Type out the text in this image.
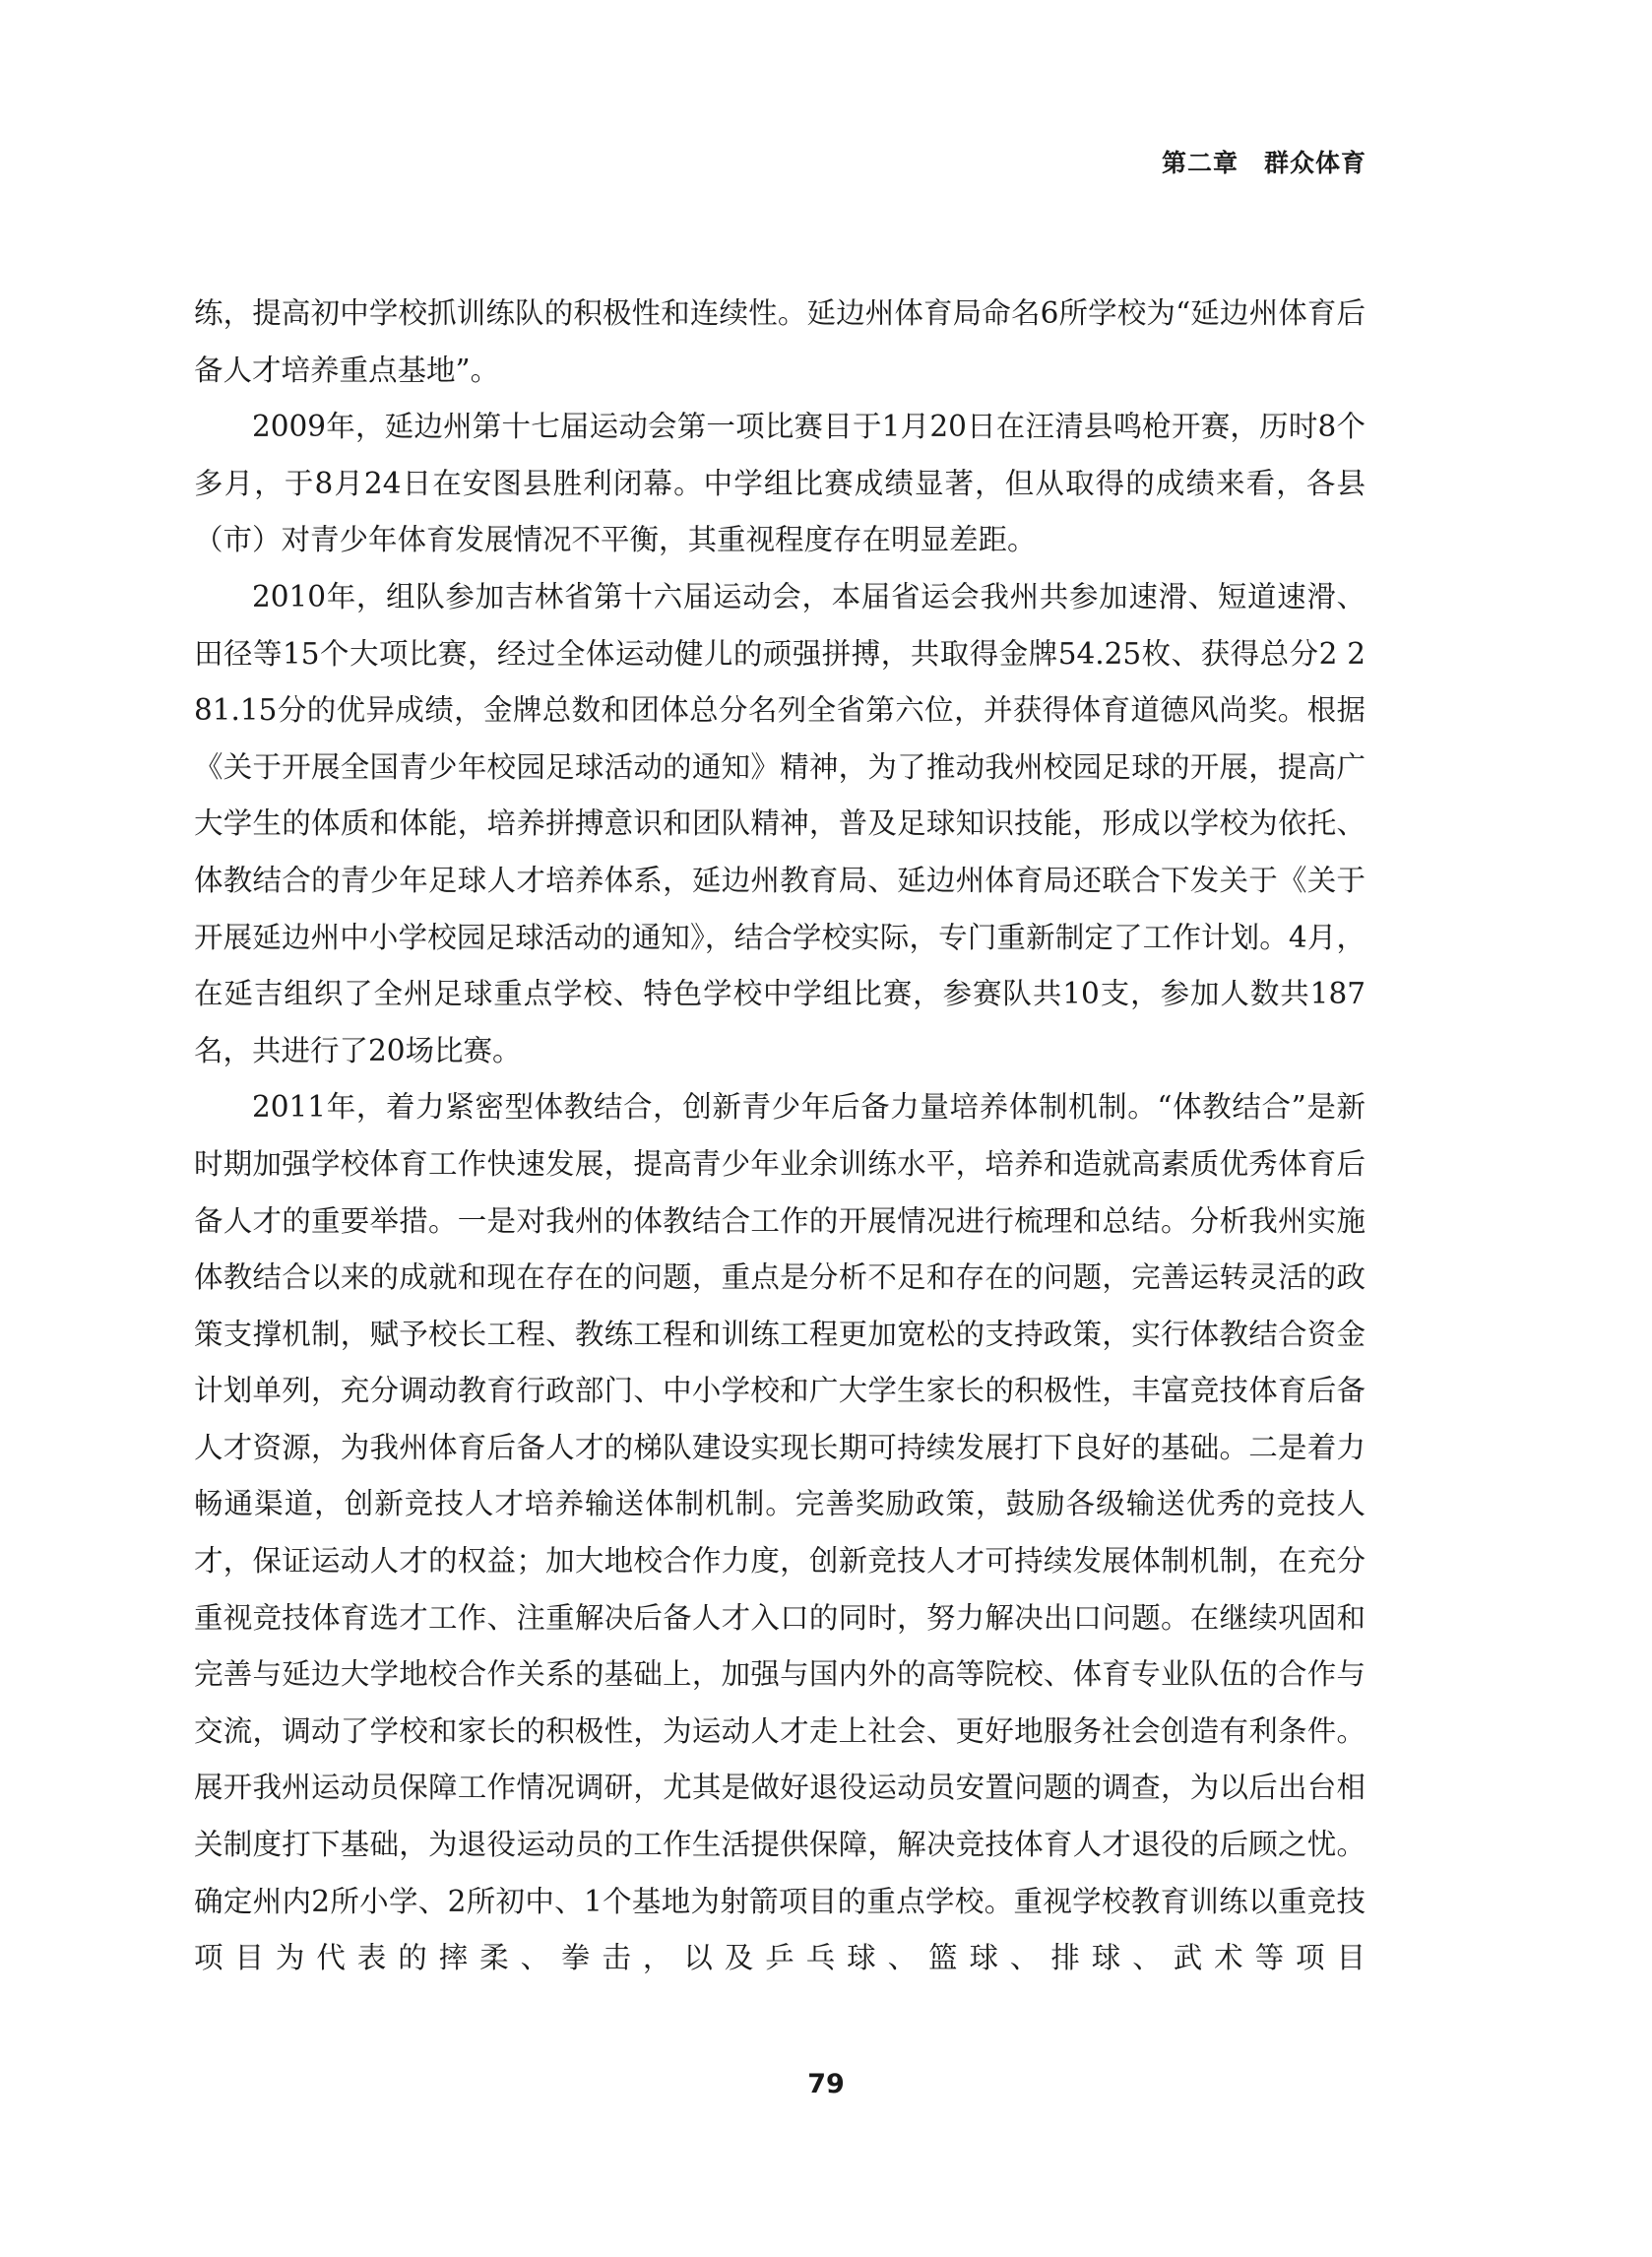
第二章　群众体育

练，提高初中学校抓训练队的积极性和连续性。延边州体育局命名6所学校为“延边州体育后备人才培养重点基地”。

2009年，延边州第十七届运动会第一项比赛目于1月20日在汪清县鸣枪开赛，历时8个多月，于8月24日在安图县胜利闭幕。中学组比赛成绩显著，但从取得的成绩来看，各县（市）对青少年体育发展情况不平衡，其重视程度存在明显差距。

2010年，组队参加吉林省第十六届运动会，本届省运会我州共参加速滑、短道速滑、田径等15个大项比赛，经过全体运动健儿的顽强拼搏，共取得金牌54.25枚、获得总分2 281.15分的优异成绩，金牌总数和团体总分名列全省第六位，并获得体育道德风尚奖。根据《关于开展全国青少年校园足球活动的通知》精神，为了推动我州校园足球的开展，提高广大学生的体质和体能，培养拼搏意识和团队精神，普及足球知识技能，形成以学校为依托、体教结合的青少年足球人才培养体系，延边州教育局、延边州体育局还联合下发关于《关于开展延边州中小学校园足球活动的通知》，结合学校实际，专门重新制定了工作计划。4月，在延吉组织了全州足球重点学校、特色学校中学组比赛，参赛队共10支，参加人数共187名，共进行了20场比赛。

2011年，着力紧密型体教结合，创新青少年后备力量培养体制机制。“体教结合”是新时期加强学校体育工作快速发展，提高青少年业余训练水平，培养和造就高素质优秀体育后备人才的重要举措。一是对我州的体教结合工作的开展情况进行梳理和总结。分析我州实施体教结合以来的成就和现在存在的问题，重点是分析不足和存在的问题，完善运转灵活的政策支撑机制，赋予校长工程、教练工程和训练工程更加宽松的支持政策，实行体教结合资金计划单列，充分调动教育行政部门、中小学校和广大学生家长的积极性，丰富竞技体育后备人才资源，为我州体育后备人才的梯队建设实现长期可持续发展打下良好的基础。二是着力畅通渠道，创新竞技人才培养输送体制机制。完善奖励政策，鼓励各级输送优秀的竞技人才，保证运动人才的权益；加大地校合作力度，创新竞技人才可持续发展体制机制，在充分重视竞技体育选才工作、注重解决后备人才入口的同时，努力解决出口问题。在继续巩固和完善与延边大学地校合作关系的基础上，加强与国内外的高等院校、体育专业队伍的合作与交流，调动了学校和家长的积极性，为运动人才走上社会、更好地服务社会创造有利条件。展开我州运动员保障工作情况调研，尤其是做好退役运动员安置问题的调查，为以后出台相关制度打下基础，为退役运动员的工作生活提供保障，解决竞技体育人才退役的后顾之忧。确定州内2所小学、2所初中、1个基地为射箭项目的重点学校。重视学校教育训练以重竞技项目为代表的摔柔、拳击，以及乒乓球、篮球、排球、武术等项目

79
